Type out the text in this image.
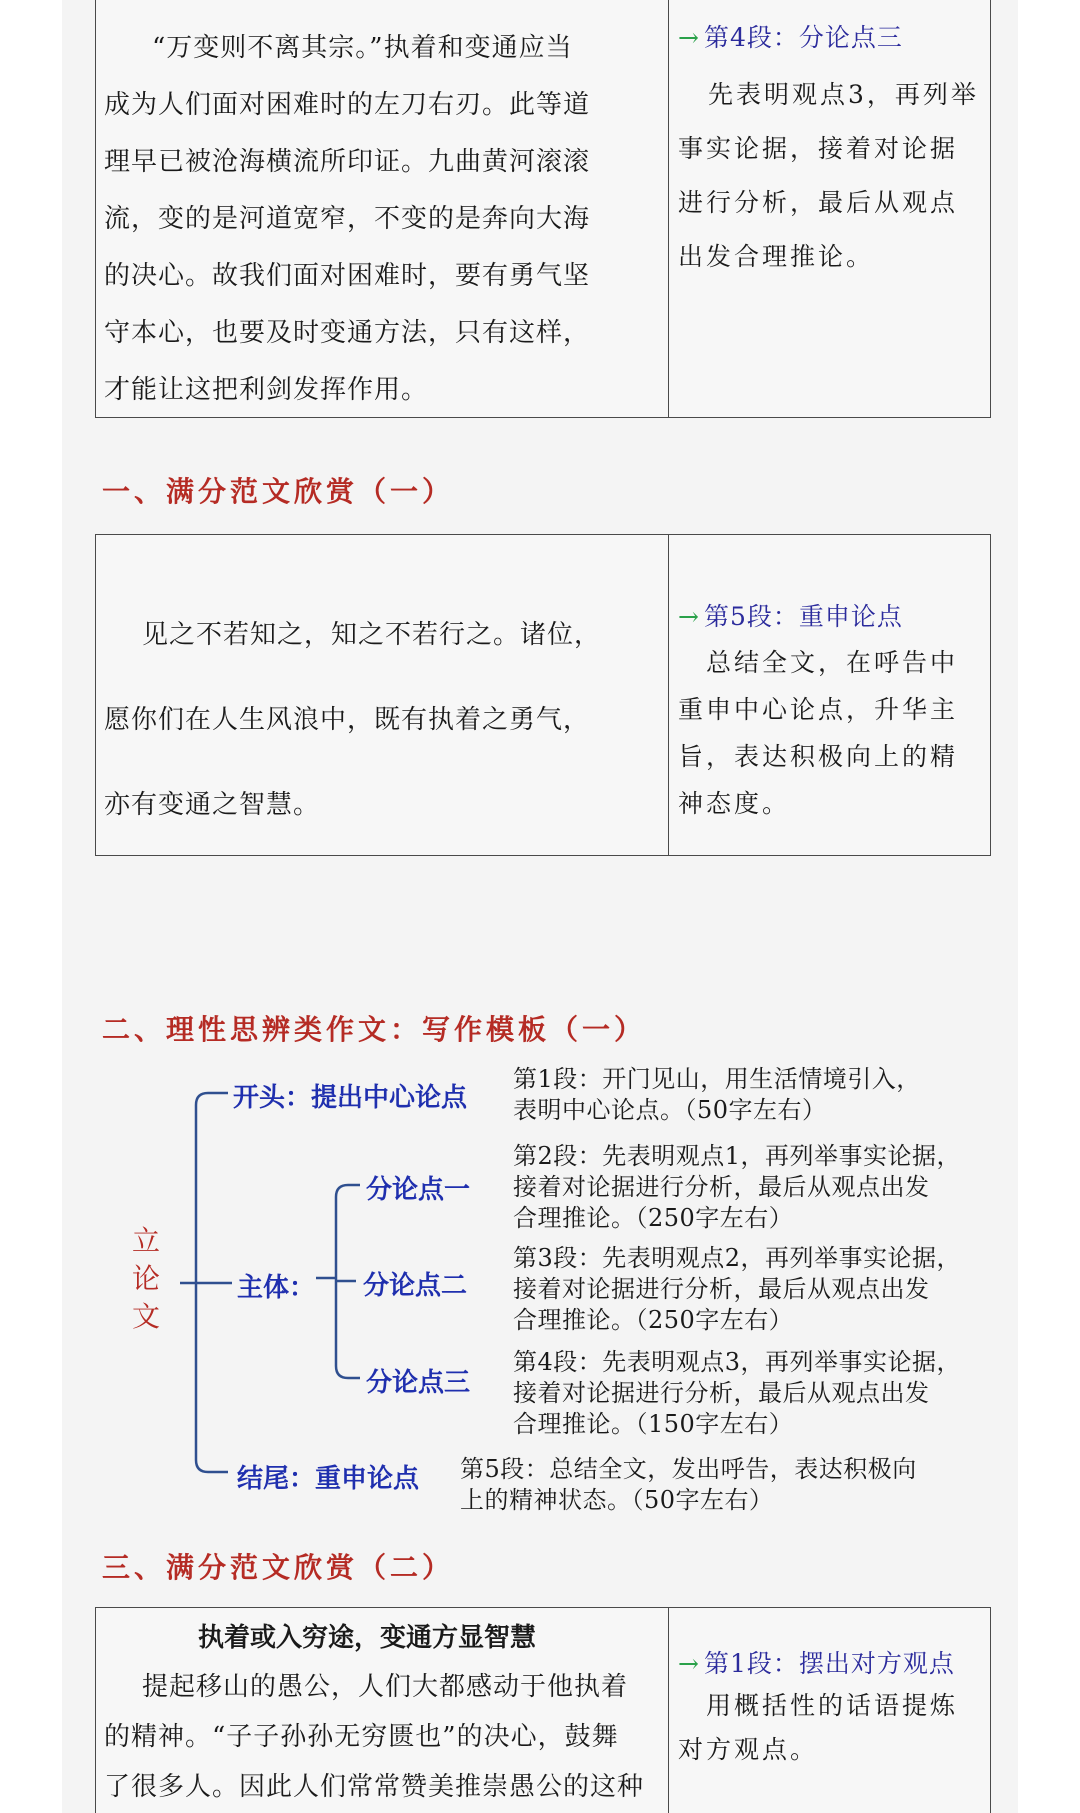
“万变则不离其宗。”执着和变通应当
成为人们面对困难时的左刀右刃。此等道
理早已被沧海横流所印证。九曲黄河滚滚
流，变的是河道宽窄，不变的是奔向大海
的决心。故我们面对困难时，要有勇气坚
守本心，也要及时变通方法，只有这样，
才能让这把利剑发挥作用。
→ 第4段：分论点三
先表明观点3，再列举
事实论据，接着对论据
进行分析，最后从观点
出发合理推论。
一、满分范文欣赏（一）
见之不若知之，知之不若行之。诸位，
愿你们在人生风浪中，既有执着之勇气，
亦有变通之智慧。
→ 第5段：重申论点
总结全文，在呼告中
重申中心论点，升华主
旨，表达积极向上的精
神态度。
二、理性思辨类作文：写作模板（一）
立
论
文
开头：提出中心论点
第1段：开门见山，用生活情境引入，
表明中心论点。（50字左右）
主体：
分论点一
第2段：先表明观点1，再列举事实论据，
接着对论据进行分析，最后从观点出发
合理推论。（250字左右）
分论点二
第3段：先表明观点2，再列举事实论据，
接着对论据进行分析，最后从观点出发
合理推论。（250字左右）
分论点三
第4段：先表明观点3，再列举事实论据，
接着对论据进行分析，最后从观点出发
合理推论。（150字左右）
结尾：重申论点 第5段：总结全文，发出呼告，表达积极向
上的精神状态。（50字左右）
三、满分范文欣赏（二）
执着或入穷途，变通方显智慧
提起移山的愚公，人们大都感动于他执着
的精神。“子子孙孙无穷匮也”的决心，鼓舞
了很多人。因此人们常常赞美推崇愚公的这种
→ 第1段：摆出对方观点
用概括性的话语提炼
对方观点。
